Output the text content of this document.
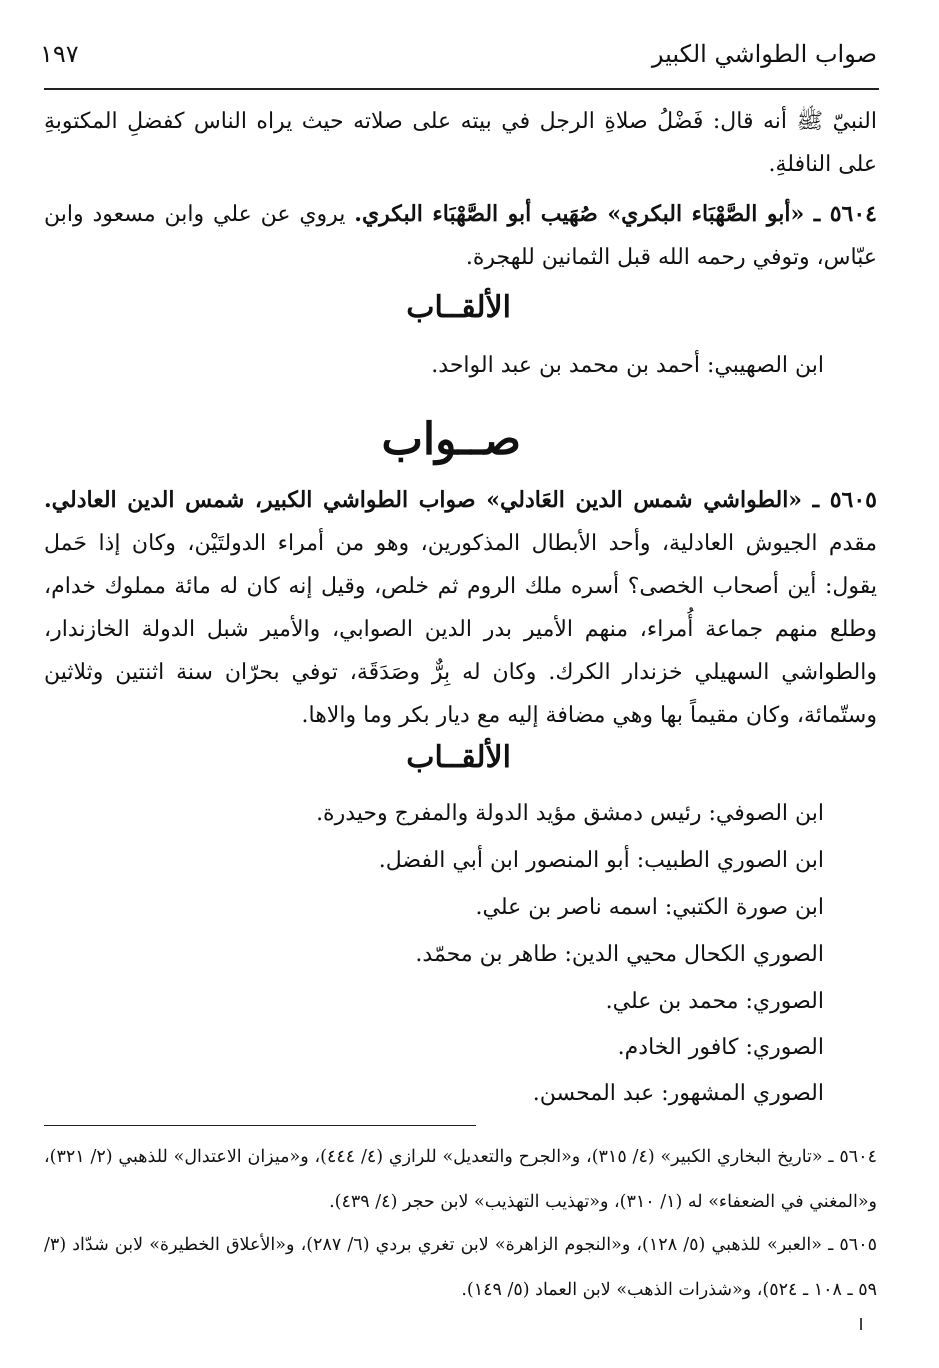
صواب الطواشي الكبير
١٩٧

النبيّ ﷺ أنه قال: فَضْلُ صلاةِ الرجل في بيته على صلاته حيث يراه الناس كفضلِ المكتوبةِ على النافلةِ.

٥٦٠٤ ـ «أبو الصَّهْبَاء البكري» صُهَيب أبو الصَّهْبَاء البكري. يروي عن علي وابن مسعود وابن عبّاس، وتوفي رحمه الله قبل الثمانين للهجرة.

الألقــاب
ابن الصهيبي: أحمد بن محمد بن عبد الواحد.
صــواب

٥٦٠٥ ـ «الطواشي شمس الدين العَادلي» صواب الطواشي الكبير، شمس الدين العادلي. مقدم الجيوش العادلية، وأحد الأبطال المذكورين، وهو من أمراء الدولتَيْن، وكان إذا حَمل يقول: أين أصحاب الخصى؟ أسره ملك الروم ثم خلص، وقيل إنه كان له مائة مملوك خدام، وطلع منهم جماعة أُمراء، منهم الأمير بدر الدين الصوابي، والأمير شبل الدولة الخازندار، والطواشي السهيلي خزندار الكرك. وكان له بِرٌّ وصَدَقَة، توفي بحرّان سنة اثنتين وثلاثين وستّمائة، وكان مقيماً بها وهي مضافة إليه مع ديار بكر وما والاها.

الألقــاب
ابن الصوفي: رئيس دمشق مؤيد الدولة والمفرج وحيدرة.
ابن الصوري الطبيب: أبو المنصور ابن أبي الفضل.
ابن صورة الكتبي: اسمه ناصر بن علي.
الصوري الكحال محيي الدين: طاهر بن محمّد.
الصوري: محمد بن علي.
الصوري: كافور الخادم.
الصوري المشهور: عبد المحسن.

٥٦٠٤ ـ «تاريخ البخاري الكبير» (٤/ ٣١٥)، و«الجرح والتعديل» للرازي (٤/ ٤٤٤)، و«ميزان الاعتدال» للذهبي (٢/ ٣٢١)، و«المغني في الضعفاء» له (١/ ٣١٠)، و«تهذيب التهذيب» لابن حجر (٤/ ٤٣٩).

٥٦٠٥ ـ «العبر» للذهبي (٥/ ١٢٨)، و«النجوم الزاهرة» لابن تغري بردي (٦/ ٢٨٧)، و«الأعلاق الخطيرة» لابن شدّاد (٣/ ٥٩ ـ ١٠٨ ـ ٥٢٤)، و«شذرات الذهب» لابن العماد (٥/ ١٤٩).
